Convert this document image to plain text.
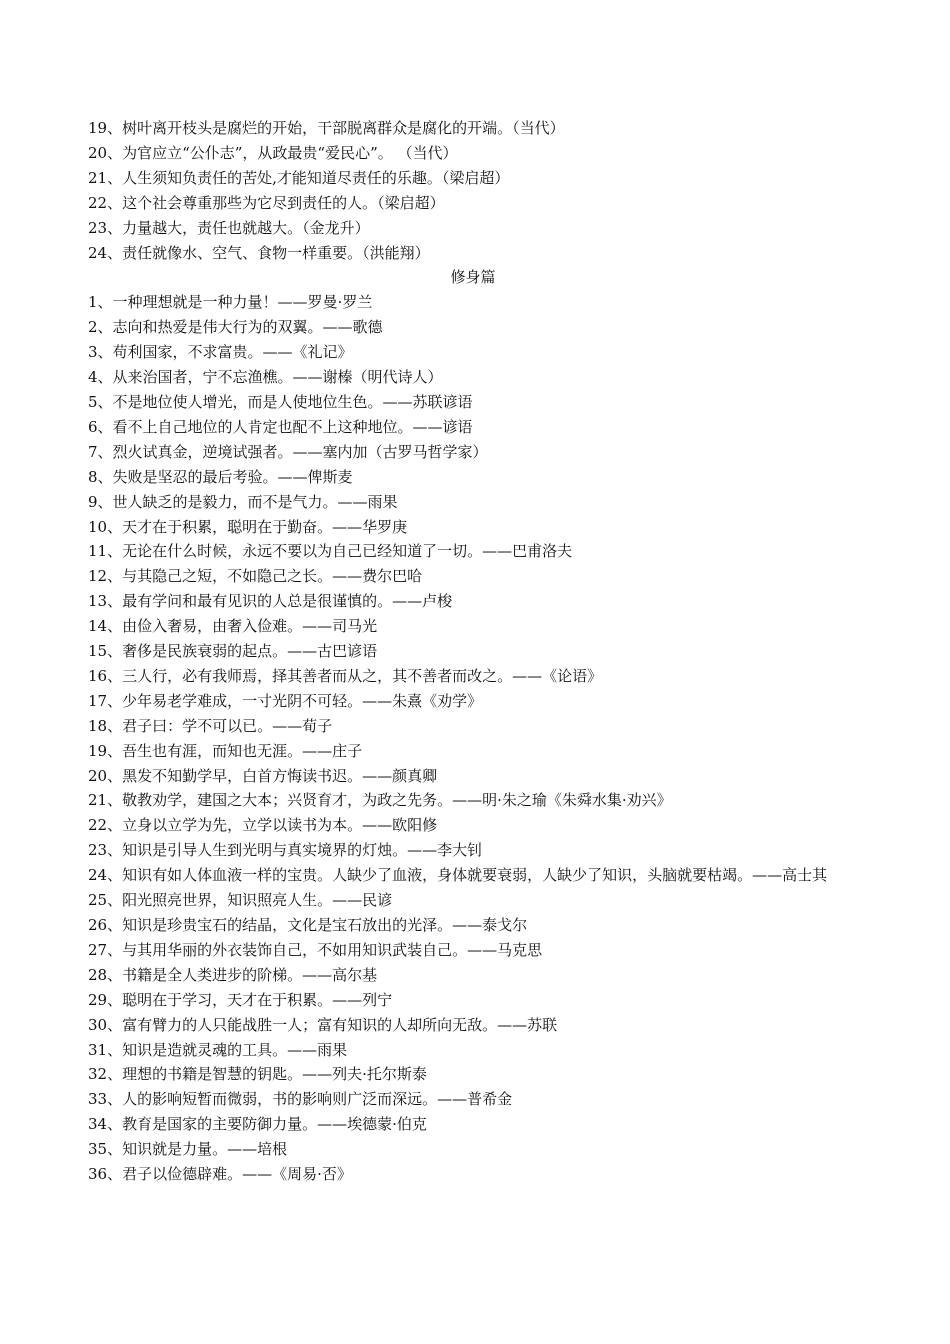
19、树叶离开枝头是腐烂的开始，干部脱离群众是腐化的开端。（当代）
20、为官应立“公仆志”，从政最贵“爱民心”。 （当代）
21、人生须知负责任的苦处,才能知道尽责任的乐趣。（梁启超）
22、这个社会尊重那些为它尽到责任的人。（梁启超）
23、力量越大，责任也就越大。（金龙升）
24、责任就像水、空气、食物一样重要。（洪能翔）
修身篇
1、一种理想就是一种力量！——罗曼·罗兰
2、志向和热爱是伟大行为的双翼。——歌德
3、苟利国家，不求富贵。——《礼记》
4、从来治国者，宁不忘渔樵。——谢榛（明代诗人）
5、不是地位使人增光，而是人使地位生色。——苏联谚语
6、看不上自己地位的人肯定也配不上这种地位。——谚语
7、烈火试真金，逆境试强者。——塞内加（古罗马哲学家）
8、失败是坚忍的最后考验。——俾斯麦
9、世人缺乏的是毅力，而不是气力。——雨果
10、天才在于积累，聪明在于勤奋。——华罗庚
11、无论在什么时候，永远不要以为自己已经知道了一切。——巴甫洛夫
12、与其隐己之短，不如隐己之长。——费尔巴哈
13、最有学问和最有见识的人总是很谨慎的。——卢梭
14、由俭入奢易，由奢入俭难。——司马光
15、奢侈是民族衰弱的起点。——古巴谚语
16、三人行，必有我师焉，择其善者而从之，其不善者而改之。——《论语》
17、少年易老学难成，一寸光阴不可轻。——朱熹《劝学》
18、君子曰：学不可以已。——荀子
19、吾生也有涯，而知也无涯。——庄子
20、黑发不知勤学早，白首方悔读书迟。——颜真卿
21、敬教劝学，建国之大本；兴贤育才，为政之先务。——明·朱之瑜《朱舜水集·劝兴》
22、立身以立学为先，立学以读书为本。——欧阳修
23、知识是引导人生到光明与真实境界的灯烛。——李大钊
24、知识有如人体血液一样的宝贵。人缺少了血液，身体就要衰弱，人缺少了知识，头脑就要枯竭。——高士其
25、阳光照亮世界，知识照亮人生。——民谚
26、知识是珍贵宝石的结晶，文化是宝石放出的光泽。——泰戈尔
27、与其用华丽的外衣装饰自己，不如用知识武装自己。——马克思
28、书籍是全人类进步的阶梯。——高尔基
29、聪明在于学习，天才在于积累。——列宁
30、富有臂力的人只能战胜一人；富有知识的人却所向无敌。——苏联
31、知识是造就灵魂的工具。——雨果
32、理想的书籍是智慧的钥匙。——列夫·托尔斯泰
33、人的影响短暂而微弱，书的影响则广泛而深远。——普希金
34、教育是国家的主要防御力量。——埃德蒙·伯克
35、知识就是力量。——培根
36、君子以俭德辟难。——《周易·否》
